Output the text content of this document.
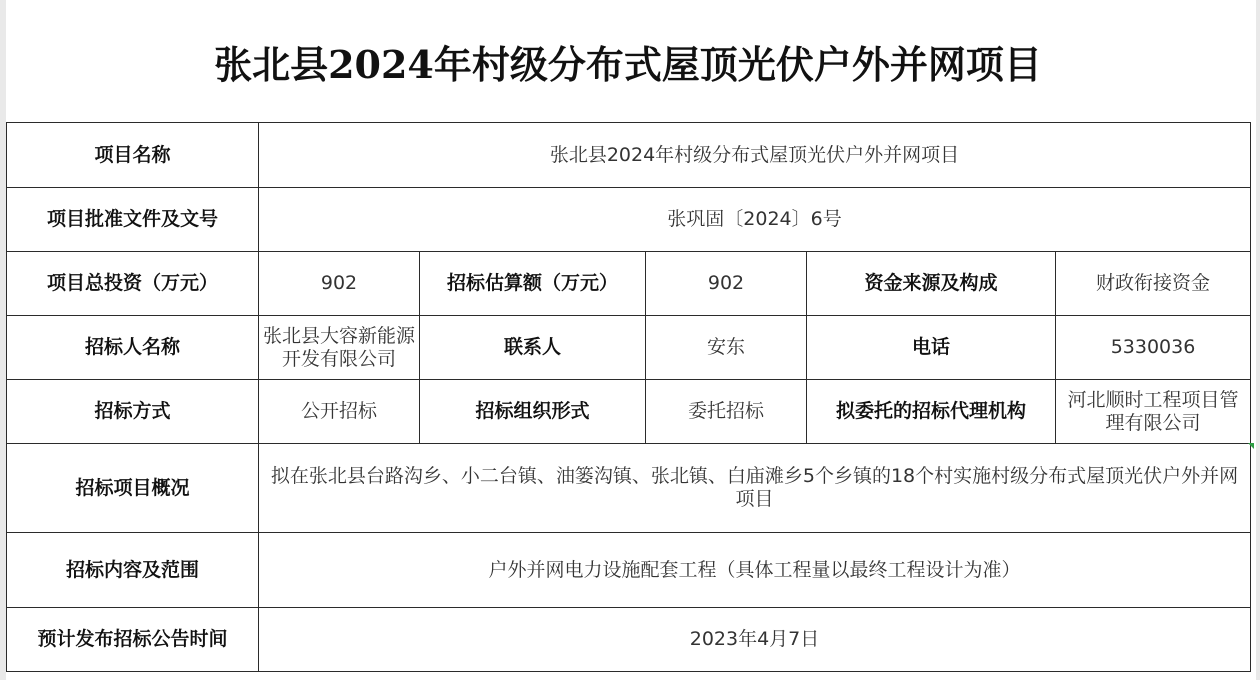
张北县2024年村级分布式屋顶光伏户外并网项目
项目名称	张北县2024年村级分布式屋顶光伏户外并网项目				
项目批准文件及文号	张巩固〔2024〕6号				
项目总投资（万元）	902	招标估算额（万元）	902	资金来源及构成	财政衔接资金
招标人名称	张北县大容新能源开发有限公司	联系人	安东	电话	5330036
招标方式	公开招标	招标组织形式	委托招标	拟委托的招标代理机构	河北顺时工程项目管理有限公司
招标项目概况	拟在张北县台路沟乡、小二台镇、油篓沟镇、张北镇、白庙滩乡5个乡镇的18个村实施村级分布式屋顶光伏户外并网项目				
招标内容及范围	户外并网电力设施配套工程（具体工程量以最终工程设计为准）				
预计发布招标公告时间	2023年4月7日				
